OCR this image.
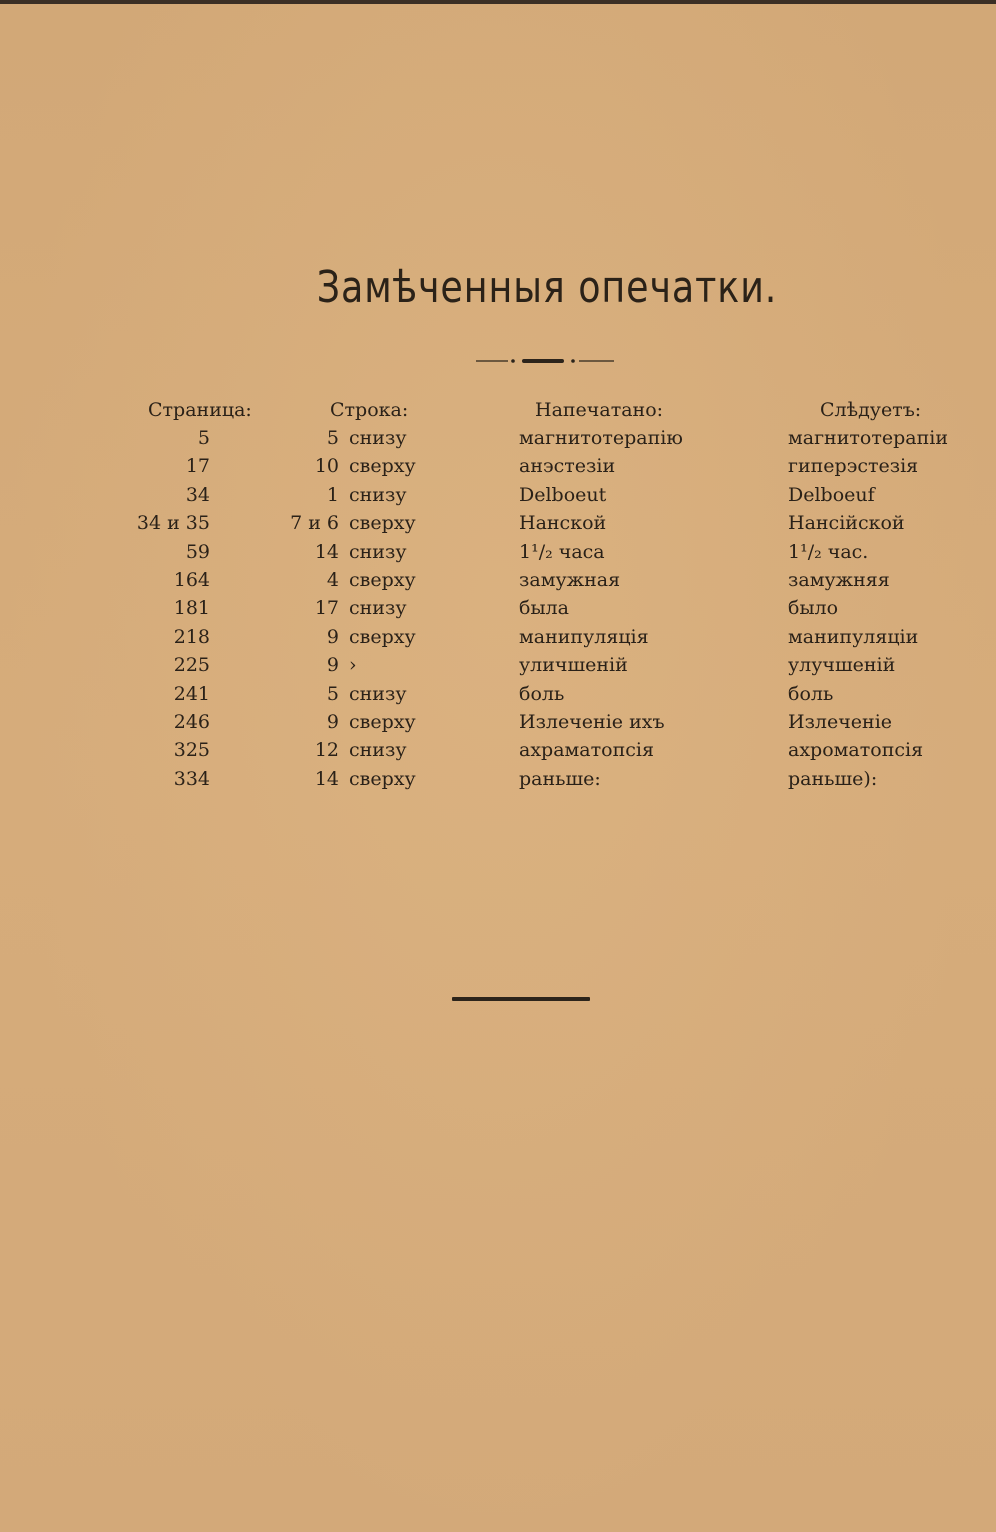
Замѣченныя опечатки.
Страница:	Строка:	Напечатано:	Слѣдуетъ:
5	5 снизу	магнитотерапію	магнитотерапіи
17	10 сверху	анэстезіи	гиперэстезія
34	1 снизу	Delboeut	Delboeuf
34 и 35	7 и 6 сверху	Нанской	Нансійской
59	14 снизу	1¹/₂ часа	1¹/₂ час.
164	4 сверху	замужная	замужняя
181	17 снизу	была	было
218	9 сверху	манипуляція	манипуляціи
225	9 ›	уличшеній	улучшеній
241	5 снизу	боль	боль
246	9 сверху	Излеченіе ихъ	Излеченіе
325	12 снизу	ахраматопсія	ахроматопсія
334	14 сверху	раньше:	раньше):
